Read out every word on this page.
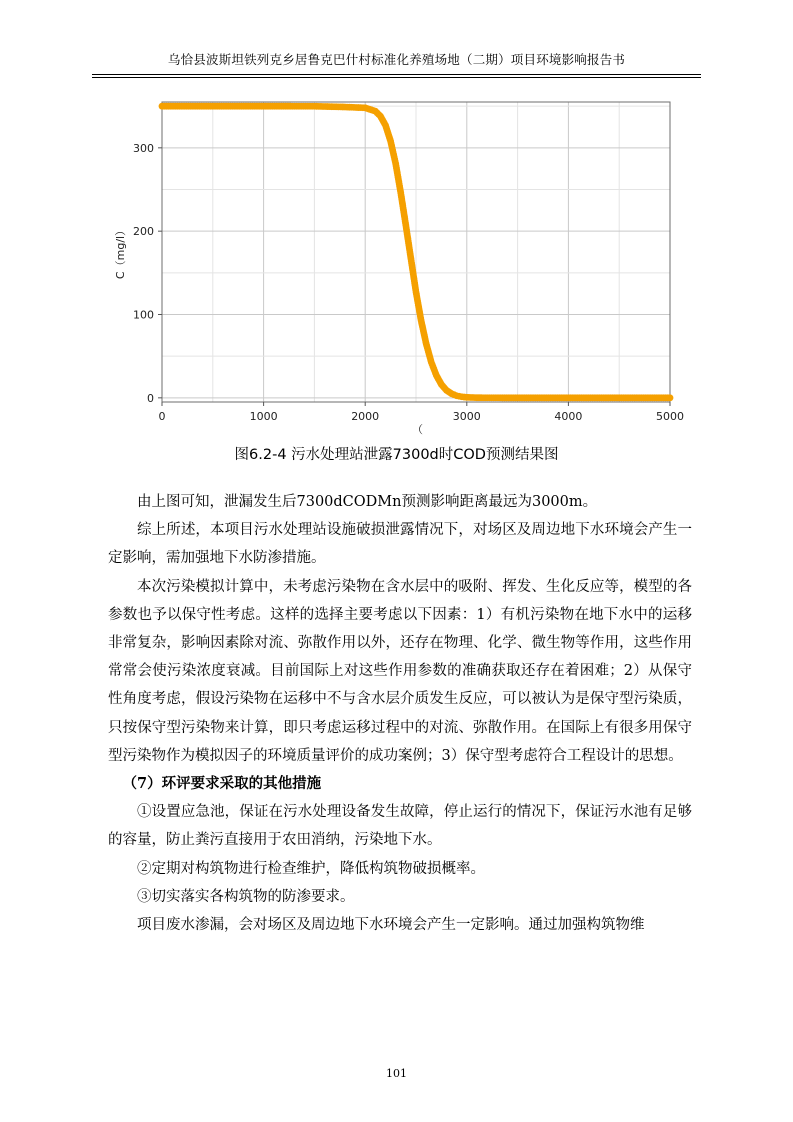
乌恰县波斯坦铁列克乡居鲁克巴什村标准化养殖场地（二期）项目环境影响报告书
0	1000	2000	3000	4000	5000
0
100
200
300
C（mg/l）
（
图6.2-4 污水处理站泄露7300d时COD预测结果图

由上图可知，泄漏发生后7300dCODMn预测影响距离最远为3000m。

综上所述，本项目污水处理站设施破损泄露情况下，对场区及周边地下水环境会产生一定影响，需加强地下水防渗措施。

本次污染模拟计算中，未考虑污染物在含水层中的吸附、挥发、生化反应等，模型的各参数也予以保守性考虑。这样的选择主要考虑以下因素：1）有机污染物在地下水中的运移非常复杂，影响因素除对流、弥散作用以外，还存在物理、化学、微生物等作用，这些作用常常会使污染浓度衰减。目前国际上对这些作用参数的准确获取还存在着困难；2）从保守性角度考虑，假设污染物在运移中不与含水层介质发生反应，可以被认为是保守型污染质，只按保守型污染物来计算，即只考虑运移过程中的对流、弥散作用。在国际上有很多用保守型污染物作为模拟因子的环境质量评价的成功案例；3）保守型考虑符合工程设计的思想。

（7）环评要求采取的其他措施

①设置应急池，保证在污水处理设备发生故障，停止运行的情况下，保证污水池有足够的容量，防止粪污直接用于农田消纳，污染地下水。

②定期对构筑物进行检查维护，降低构筑物破损概率。

③切实落实各构筑物的防渗要求。

项目废水渗漏，会对场区及周边地下水环境会产生一定影响。通过加强构筑物维

101
